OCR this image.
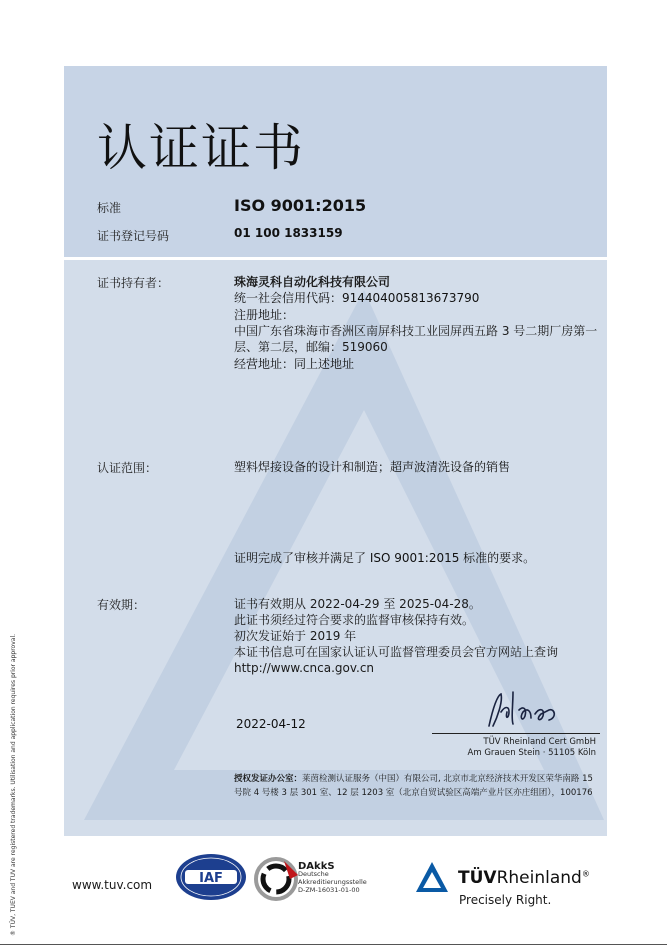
® TÜV, TUEV and TUV are registered trademarks. Utilisation and application requires prior approval.
认证证书
标准	ISO 9001:2015
证书登记号码	01 100 1833159
证书持有者：	珠海灵科自动化科技有限公司
统一社会信用代码：914404005813673790
注册地址：
中国广东省珠海市香洲区南屏科技工业园屏西五路 3 号二期厂房第一层、第二层，邮编：519060
经营地址：同上述地址
认证范围：	塑料焊接设备的设计和制造；超声波清洗设备的销售
证明完成了审核并满足了 ISO 9001:2015 标准的要求。
有效期：	证书有效期从 2022-04-29 至 2025-04-28。
此证书须经过符合要求的监督审核保持有效。
初次发证始于 2019 年
本证书信息可在国家认证认可监督管理委员会官方网站上查询
http://www.cnca.gov.cn
2022-04-12
TÜV Rheinland Cert GmbH
Am Grauen Stein · 51105 Köln
授权发证办公室：莱茵检测认证服务（中国）有限公司, 北京市北京经济技术开发区荣华南路 15 号院 4 号楼 3 层 301 室、12 层 1203 室（北京自贸试验区高端产业片区亦庄组团），100176
www.tuv.com	IAF
DAkkS
Deutsche
Akkreditierungsstelle
D-ZM-16031-01-00
TÜVRheinland®
Precisely Right.
